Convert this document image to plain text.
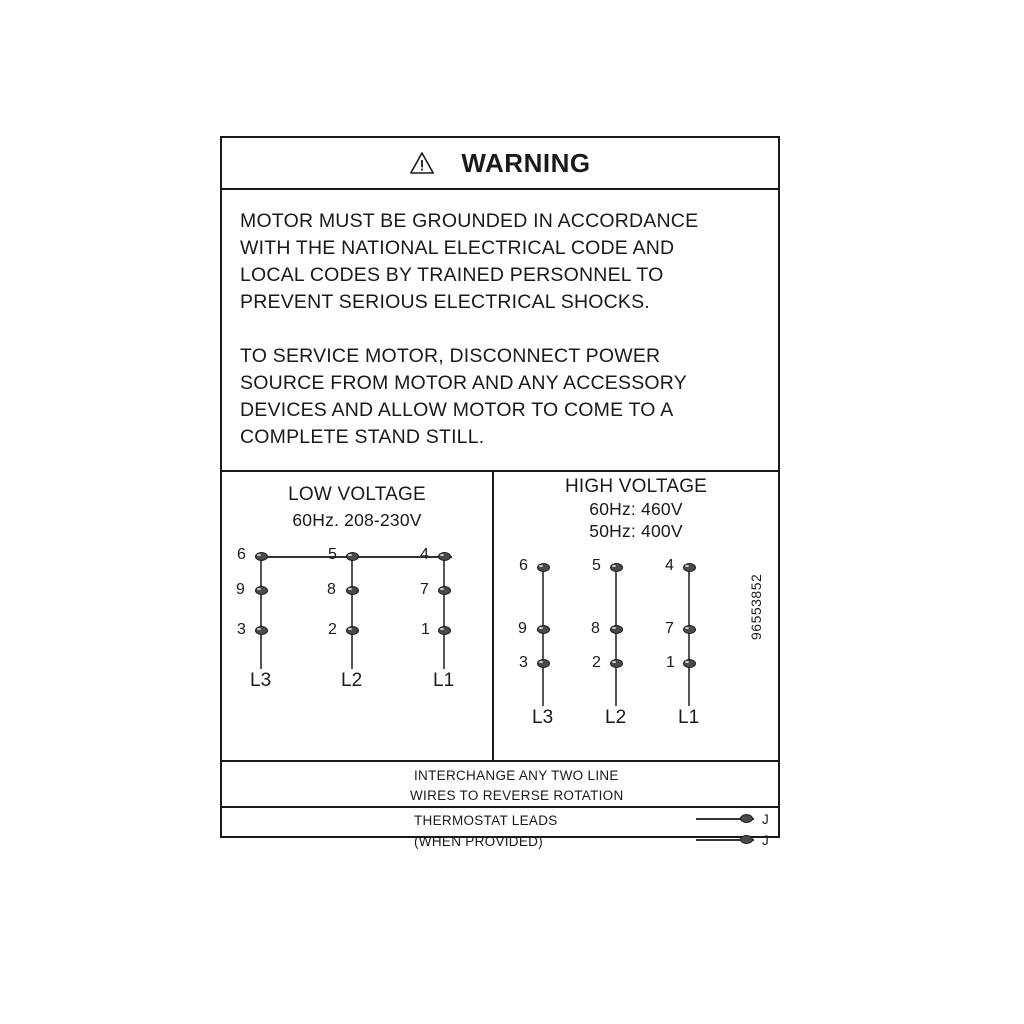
WARNING

MOTOR MUST BE GROUNDED IN ACCORDANCE

WITH THE NATIONAL ELECTRICAL CODE AND

LOCAL CODES BY TRAINED PERSONNEL TO

PREVENT SERIOUS ELECTRICAL SHOCKS.

TO SERVICE MOTOR, DISCONNECT POWER

SOURCE FROM MOTOR AND ANY ACCESSORY

DEVICES AND ALLOW MOTOR TO COME TO A

COMPLETE STAND STILL.

LOW VOLTAGE
60Hz. 208-230V
6	5	4
9	8	7
3	2	1
L3	L2	L1
HIGH VOLTAGE
60Hz: 460V
50Hz: 400V
6	5	4
9	8	7
3	2	1
L3	L2	L1
INTERCHANGE ANY TWO LINE
WIRES TO REVERSE ROTATION
THERMOSTAT LEADS
(WHEN PROVIDED)
J
J
96553852
